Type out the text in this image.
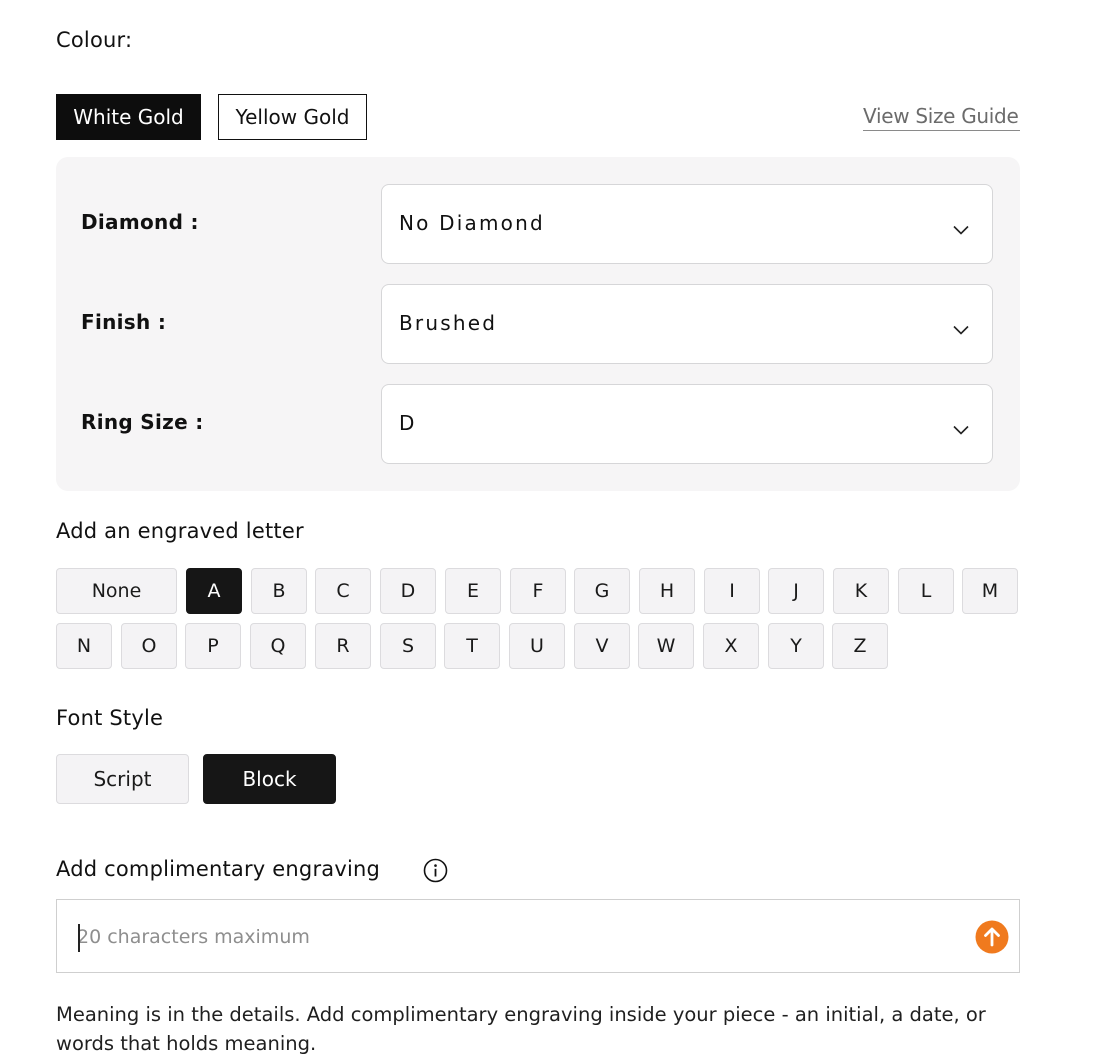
Colour:
White Gold	Yellow Gold	View Size Guide
Diamond :	No Diamond
Finish :	Brushed
Ring Size :	D
Add an engraved letter
None	A	B	C	D	E	F	G	H	I	J	K	L	M
N	O	P	Q	R	S	T	U	V	W	X	Y	Z
Font Style
Script	Block
Add complimentary engraving
20 characters maximum
Meaning is in the details. Add complimentary engraving inside your piece - an initial, a date, or words that holds meaning.
